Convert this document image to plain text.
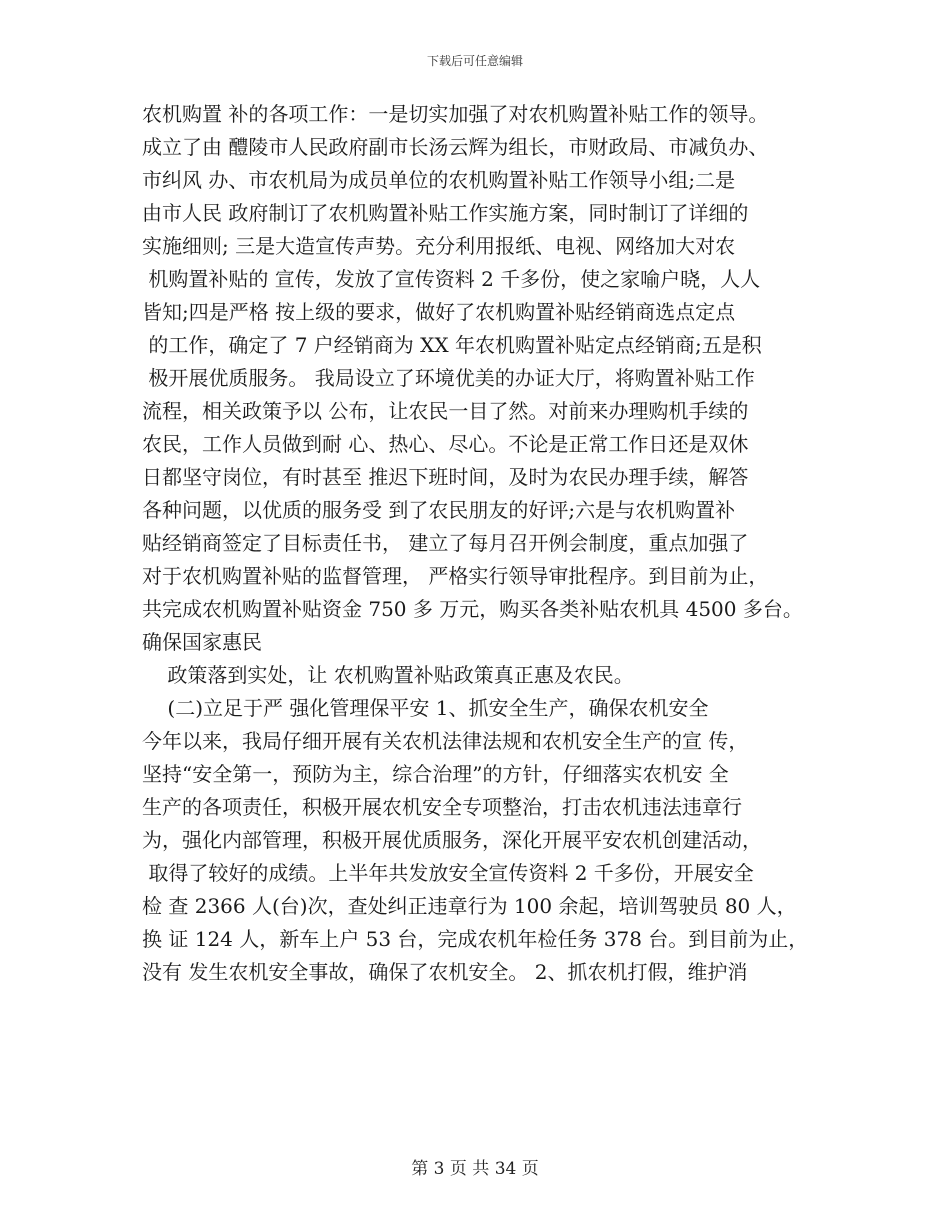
下载后可任意编辑
农机购置 补的各项工作：一是切实加强了对农机购置补贴工作的领导。
成立了由 醴陵市人民政府副市长汤云辉为组长，市财政局、市减负办、
市纠风 办、市农机局为成员单位的农机购置补贴工作领导小组;二是
由市人民 政府制订了农机购置补贴工作实施方案，同时制订了详细的
实施细则; 三是大造宣传声势。充分利用报纸、电视、网络加大对农
机购置补贴的 宣传，发放了宣传资料 2 千多份，使之家喻户晓，人人
皆知;四是严格 按上级的要求，做好了农机购置补贴经销商选点定点
的工作，确定了 7 户经销商为 XX 年农机购置补贴定点经销商;五是积
极开展优质服务。 我局设立了环境优美的办证大厅，将购置补贴工作
流程，相关政策予以 公布，让农民一目了然。对前来办理购机手续的
农民，工作人员做到耐 心、热心、尽心。不论是正常工作日还是双休
日都坚守岗位，有时甚至 推迟下班时间，及时为农民办理手续，解答
各种问题，以优质的服务受 到了农民朋友的好评;六是与农机购置补
贴经销商签定了目标责任书， 建立了每月召开例会制度，重点加强了
对于农机购置补贴的监督管理， 严格实行领导审批程序。到目前为止，
共完成农机购置补贴资金 750 多 万元，购买各类补贴农机具 4500 多台。
确保国家惠民
政策落到实处，让 农机购置补贴政策真正惠及农民。
(二)立足于严 强化管理保平安 1、抓安全生产，确保农机安全
今年以来，我局仔细开展有关农机法律法规和农机安全生产的宣 传，
坚持“安全第一，预防为主，综合治理”的方针，仔细落实农机安 全
生产的各项责任，积极开展农机安全专项整治，打击农机违法违章行
为，强化内部管理，积极开展优质服务，深化开展平安农机创建活动，
取得了较好的成绩。上半年共发放安全宣传资料 2 千多份，开展安全
检 查 2366 人(台)次，查处纠正违章行为 100 余起，培训驾驶员 80 人，
换 证 124 人，新车上户 53 台，完成农机年检任务 378 台。到目前为止，
没有 发生农机安全事故，确保了农机安全。 2、抓农机打假，维护消
第 3 页 共 34 页
